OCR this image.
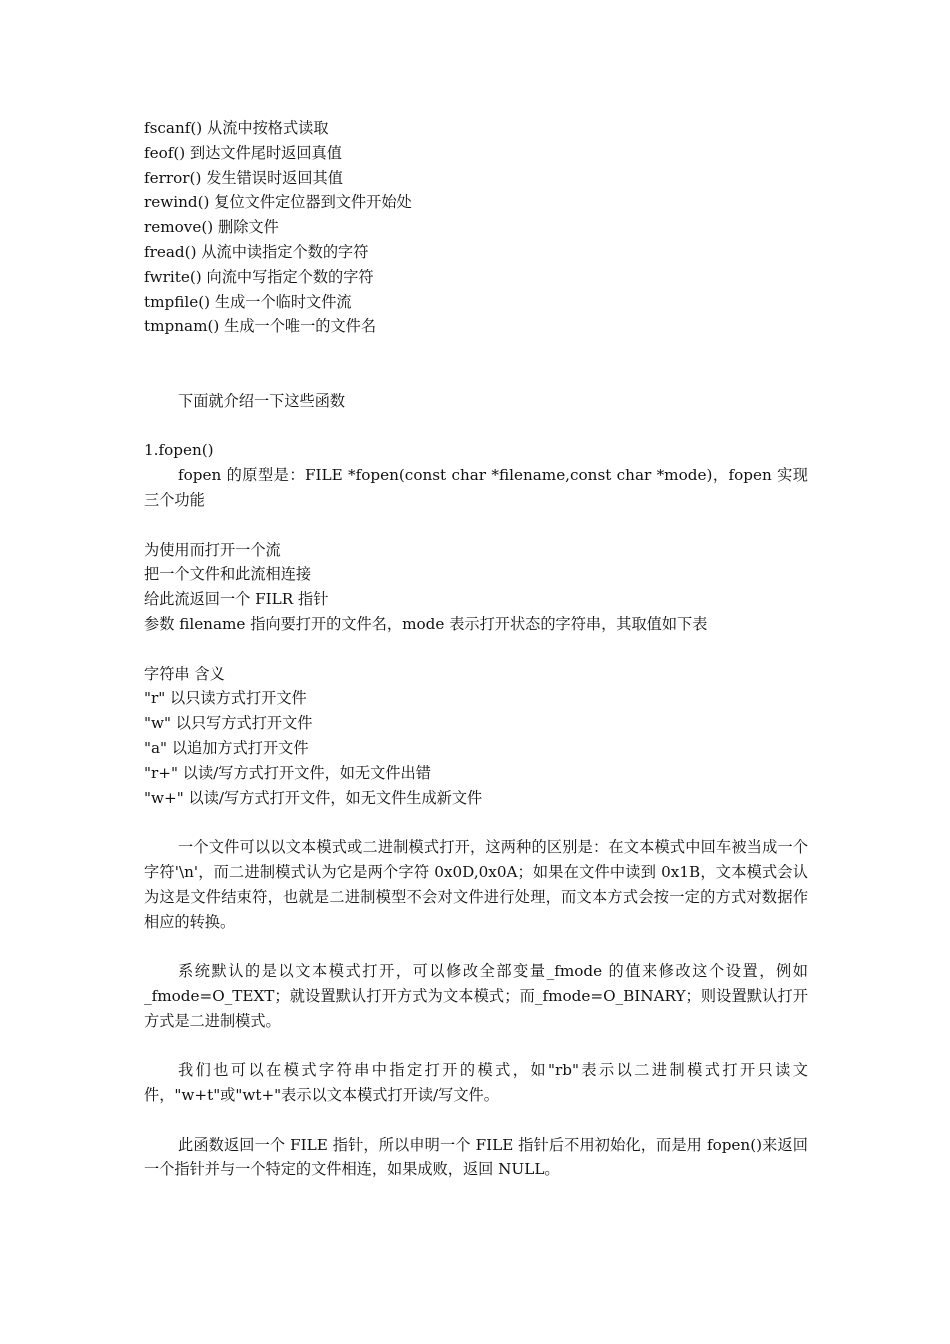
fscanf() 从流中按格式读取
feof() 到达文件尾时返回真值
ferror() 发生错误时返回其值
rewind() 复位文件定位器到文件开始处
remove() 删除文件
fread() 从流中读指定个数的字符
fwrite() 向流中写指定个数的字符
tmpfile() 生成一个临时文件流
tmpnam() 生成一个唯一的文件名
下面就介绍一下这些函数
1.fopen()
fopen 的原型是：FILE *fopen(const char *filename,const char *mode)，fopen 实现三个功能
为使用而打开一个流
把一个文件和此流相连接
给此流返回一个 FILR 指针
参数 filename 指向要打开的文件名，mode 表示打开状态的字符串，其取值如下表
字符串 含义
"r" 以只读方式打开文件
"w" 以只写方式打开文件
"a" 以追加方式打开文件
"r+" 以读/写方式打开文件，如无文件出错
"w+" 以读/写方式打开文件，如无文件生成新文件
一个文件可以以文本模式或二进制模式打开，这两种的区别是：在文本模式中回车被当成一个字符'\n'，而二进制模式认为它是两个字符 0x0D,0x0A；如果在文件中读到 0x1B，文本模式会认为这是文件结束符，也就是二进制模型不会对文件进行处理，而文本方式会按一定的方式对数据作相应的转换。
系统默认的是以文本模式打开，可以修改全部变量_fmode 的值来修改这个设置，例如_fmode=O_TEXT；就设置默认打开方式为文本模式；而_fmode=O_BINARY；则设置默认打开方式是二进制模式。
我们也可以在模式字符串中指定打开的模式，如"rb"表示以二进制模式打开只读文件，"w+t"或"wt+"表示以文本模式打开读/写文件。
此函数返回一个 FILE 指针，所以申明一个 FILE 指针后不用初始化，而是用 fopen()来返回一个指针并与一个特定的文件相连，如果成败，返回 NULL。
